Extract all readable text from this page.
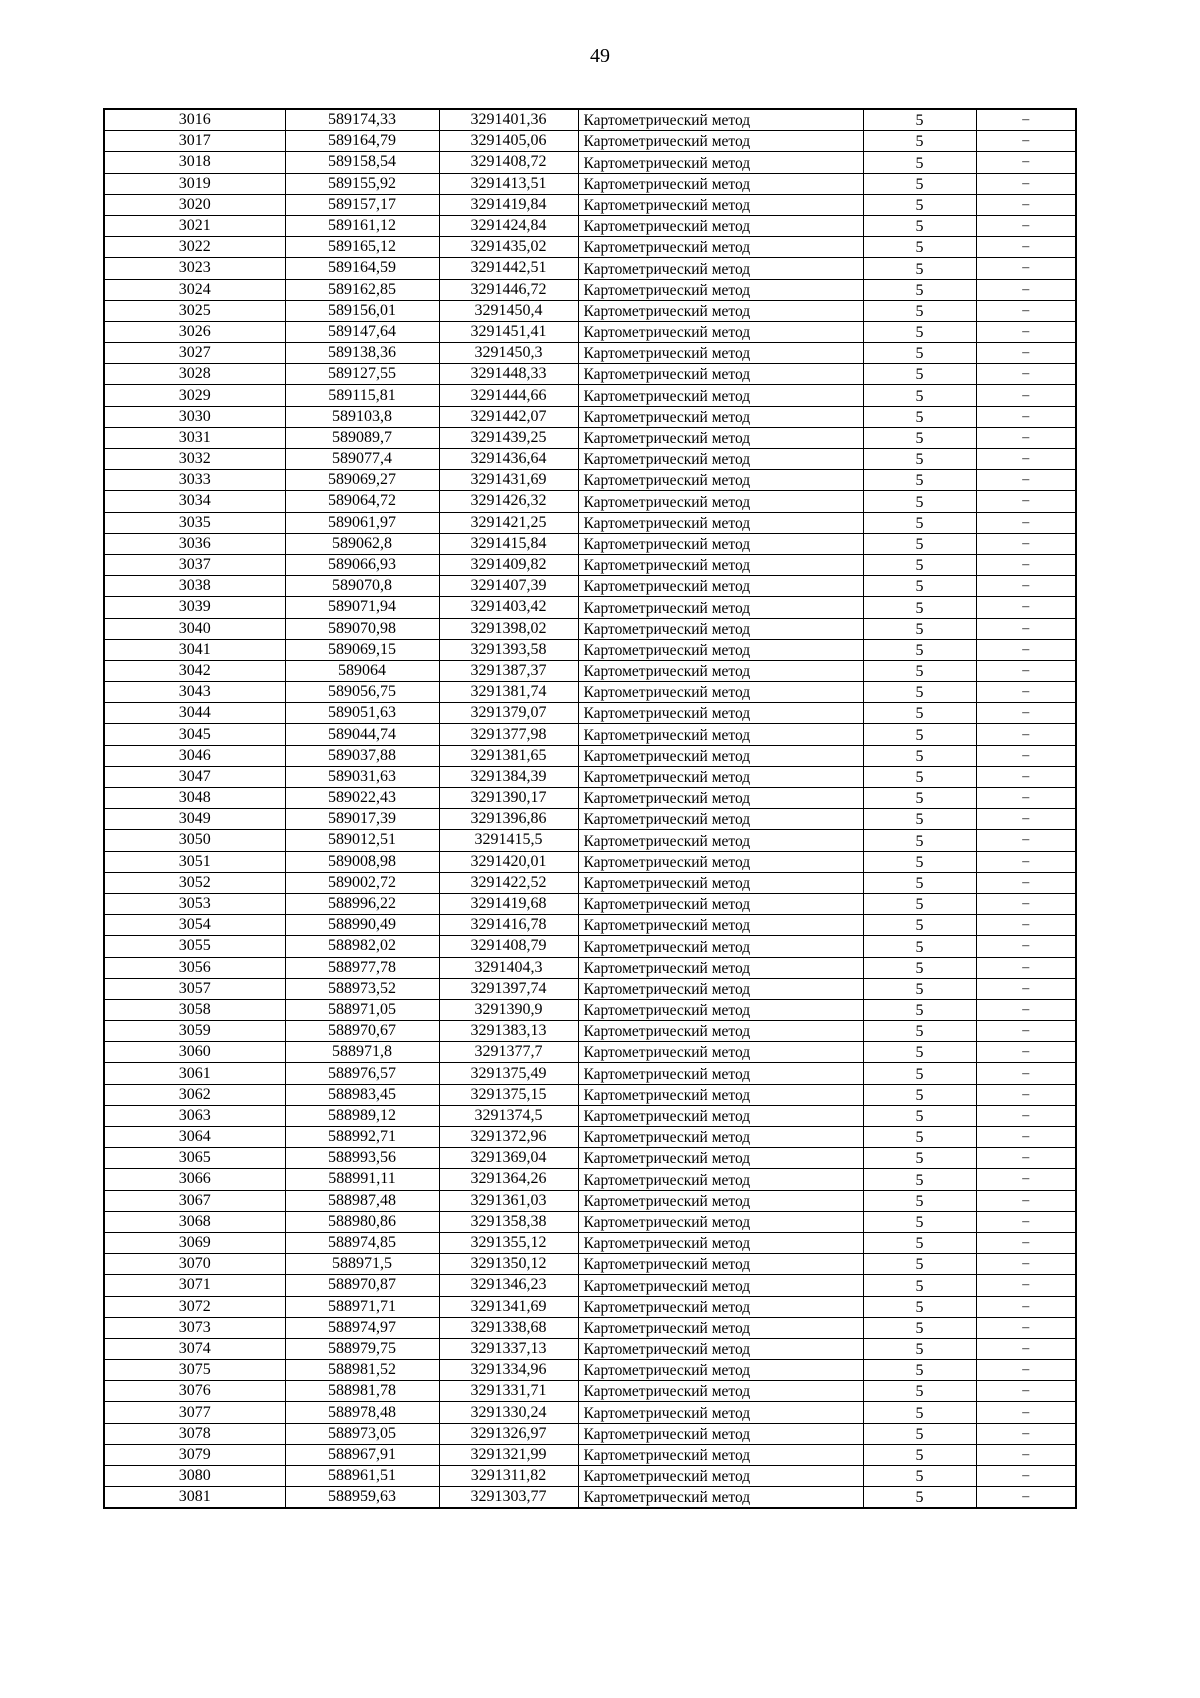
49
3016	589174,33	3291401,36	Картометрический метод	5	–
3017	589164,79	3291405,06	Картометрический метод	5	–
3018	589158,54	3291408,72	Картометрический метод	5	–
3019	589155,92	3291413,51	Картометрический метод	5	–
3020	589157,17	3291419,84	Картометрический метод	5	–
3021	589161,12	3291424,84	Картометрический метод	5	–
3022	589165,12	3291435,02	Картометрический метод	5	–
3023	589164,59	3291442,51	Картометрический метод	5	–
3024	589162,85	3291446,72	Картометрический метод	5	–
3025	589156,01	3291450,4	Картометрический метод	5	–
3026	589147,64	3291451,41	Картометрический метод	5	–
3027	589138,36	3291450,3	Картометрический метод	5	–
3028	589127,55	3291448,33	Картометрический метод	5	–
3029	589115,81	3291444,66	Картометрический метод	5	–
3030	589103,8	3291442,07	Картометрический метод	5	–
3031	589089,7	3291439,25	Картометрический метод	5	–
3032	589077,4	3291436,64	Картометрический метод	5	–
3033	589069,27	3291431,69	Картометрический метод	5	–
3034	589064,72	3291426,32	Картометрический метод	5	–
3035	589061,97	3291421,25	Картометрический метод	5	–
3036	589062,8	3291415,84	Картометрический метод	5	–
3037	589066,93	3291409,82	Картометрический метод	5	–
3038	589070,8	3291407,39	Картометрический метод	5	–
3039	589071,94	3291403,42	Картометрический метод	5	–
3040	589070,98	3291398,02	Картометрический метод	5	–
3041	589069,15	3291393,58	Картометрический метод	5	–
3042	589064	3291387,37	Картометрический метод	5	–
3043	589056,75	3291381,74	Картометрический метод	5	–
3044	589051,63	3291379,07	Картометрический метод	5	–
3045	589044,74	3291377,98	Картометрический метод	5	–
3046	589037,88	3291381,65	Картометрический метод	5	–
3047	589031,63	3291384,39	Картометрический метод	5	–
3048	589022,43	3291390,17	Картометрический метод	5	–
3049	589017,39	3291396,86	Картометрический метод	5	–
3050	589012,51	3291415,5	Картометрический метод	5	–
3051	589008,98	3291420,01	Картометрический метод	5	–
3052	589002,72	3291422,52	Картометрический метод	5	–
3053	588996,22	3291419,68	Картометрический метод	5	–
3054	588990,49	3291416,78	Картометрический метод	5	–
3055	588982,02	3291408,79	Картометрический метод	5	–
3056	588977,78	3291404,3	Картометрический метод	5	–
3057	588973,52	3291397,74	Картометрический метод	5	–
3058	588971,05	3291390,9	Картометрический метод	5	–
3059	588970,67	3291383,13	Картометрический метод	5	–
3060	588971,8	3291377,7	Картометрический метод	5	–
3061	588976,57	3291375,49	Картометрический метод	5	–
3062	588983,45	3291375,15	Картометрический метод	5	–
3063	588989,12	3291374,5	Картометрический метод	5	–
3064	588992,71	3291372,96	Картометрический метод	5	–
3065	588993,56	3291369,04	Картометрический метод	5	–
3066	588991,11	3291364,26	Картометрический метод	5	–
3067	588987,48	3291361,03	Картометрический метод	5	–
3068	588980,86	3291358,38	Картометрический метод	5	–
3069	588974,85	3291355,12	Картометрический метод	5	–
3070	588971,5	3291350,12	Картометрический метод	5	–
3071	588970,87	3291346,23	Картометрический метод	5	–
3072	588971,71	3291341,69	Картометрический метод	5	–
3073	588974,97	3291338,68	Картометрический метод	5	–
3074	588979,75	3291337,13	Картометрический метод	5	–
3075	588981,52	3291334,96	Картометрический метод	5	–
3076	588981,78	3291331,71	Картометрический метод	5	–
3077	588978,48	3291330,24	Картометрический метод	5	–
3078	588973,05	3291326,97	Картометрический метод	5	–
3079	588967,91	3291321,99	Картометрический метод	5	–
3080	588961,51	3291311,82	Картометрический метод	5	–
3081	588959,63	3291303,77	Картометрический метод	5	–
